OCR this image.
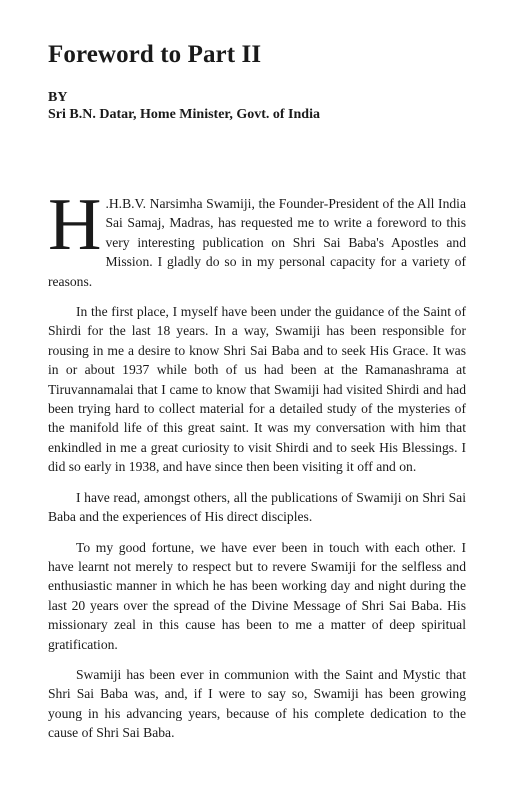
Foreword to Part II
BY
Sri B.N. Datar, Home Minister, Govt. of India

H .H.B.V. Narsimha Swamiji, the Founder-President of the All India Sai Samaj, Madras, has requested me to write a foreword to this very interesting publication on Shri Sai Baba's Apostles and Mission. I gladly do so in my personal capacity for a variety of reasons.

In the first place, I myself have been under the guidance of the Saint of Shirdi for the last 18 years. In a way, Swamiji has been responsible for rousing in me a desire to know Shri Sai Baba and to seek His Grace. It was in or about 1937 while both of us had been at the Ramanashrama at Tiruvannamalai that I came to know that Swamiji had visited Shirdi and had been trying hard to collect material for a detailed study of the mysteries of the manifold life of this great saint. It was my conversation with him that enkindled in me a great curiosity to visit Shirdi and to seek His Blessings. I did so early in 1938, and have since then been visiting it off and on.

I have read, amongst others, all the publications of Swamiji on Shri Sai Baba and the experiences of His direct disciples.

To my good fortune, we have ever been in touch with each other. I have learnt not merely to respect but to revere Swamiji for the selfless and enthusiastic manner in which he has been working day and night during the last 20 years over the spread of the Divine Message of Shri Sai Baba. His missionary zeal in this cause has been to me a matter of deep spiritual gratification.

Swamiji has been ever in communion with the Saint and Mystic that Shri Sai Baba was, and, if I were to say so, Swamiji has been growing young in his advancing years, because of his complete dedication to the cause of Shri Sai Baba.
